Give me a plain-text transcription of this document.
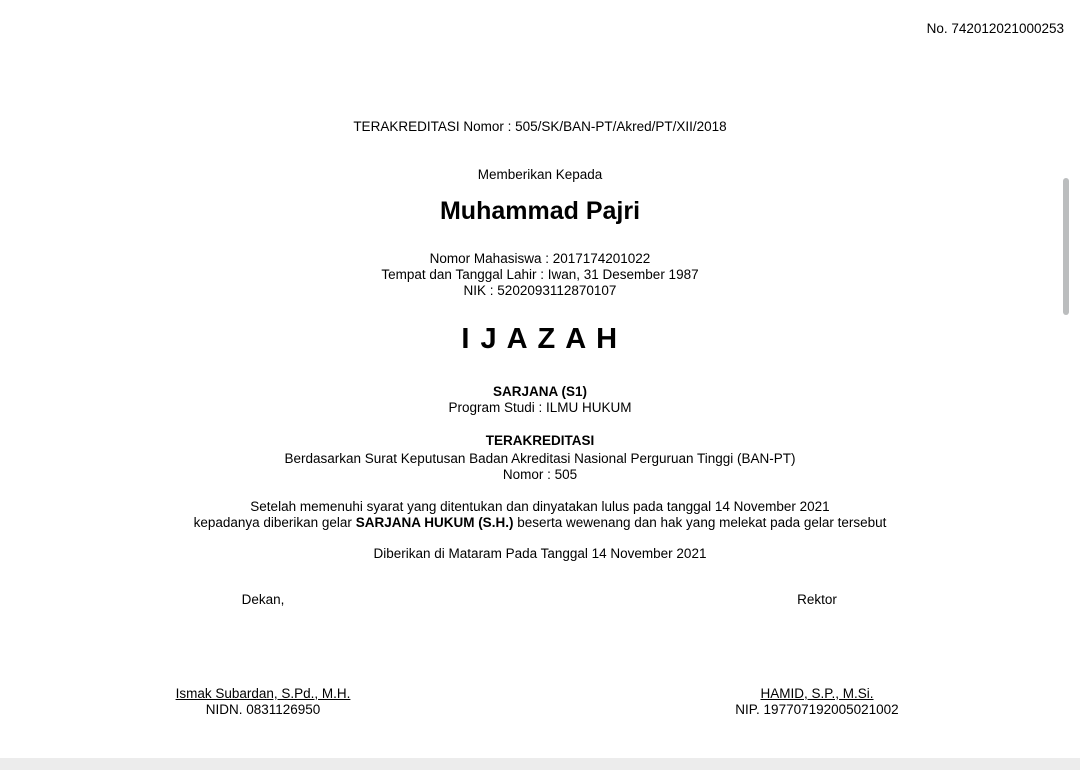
No. 742012021000253
TERAKREDITASI Nomor : 505/SK/BAN-PT/Akred/PT/XII/2018
Memberikan Kepada
Muhammad Pajri
Nomor Mahasiswa : 2017174201022
Tempat dan Tanggal Lahir : Iwan, 31 Desember 1987
NIK : 5202093112870107
I J A Z A H
SARJANA (S1)
Program Studi : ILMU HUKUM
TERAKREDITASI
Berdasarkan Surat Keputusan Badan Akreditasi Nasional Perguruan Tinggi (BAN-PT)
Nomor : 505
Setelah memenuhi syarat yang ditentukan dan dinyatakan lulus pada tanggal 14 November 2021
kepadanya diberikan gelar SARJANA HUKUM (S.H.) beserta wewenang dan hak yang melekat pada gelar tersebut
Diberikan di Mataram Pada Tanggal 14 November 2021
Dekan,	Rektor
Ismak Subardan, S.Pd., M.H.
NIDN. 0831126950
HAMID, S.P., M.Si.
NIP. 197707192005021002
